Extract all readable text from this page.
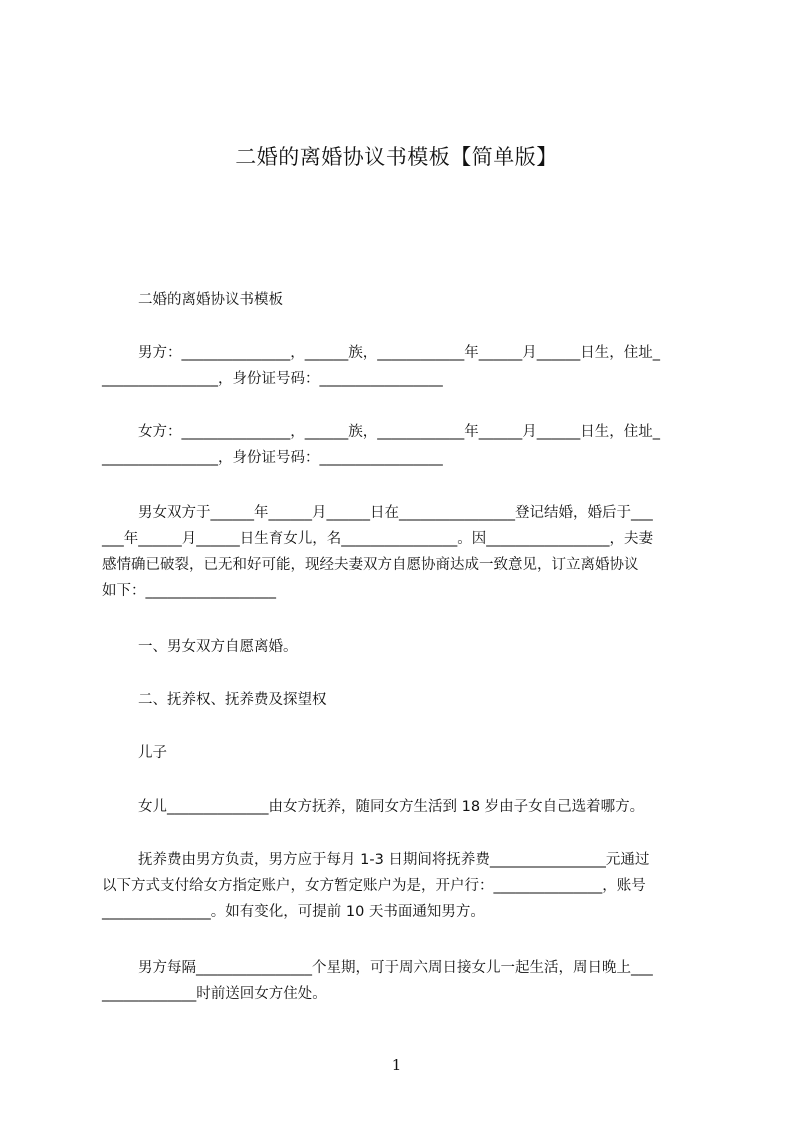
二婚的离婚协议书模板【简单版】
二婚的离婚协议书模板
男方：_______________，______族，____________年______月______日生，住址_
________________，身份证号码：_________________
女方：_______________，______族，____________年______月______日生，住址_
________________，身份证号码：_________________
男女双方于______年______月______日在________________登记结婚，婚后于___
___年______月______日生育女儿，名________________。因_________________，夫妻
感情确已破裂，已无和好可能，现经夫妻双方自愿协商达成一致意见，订立离婚协议
如下：__________________
一、男女双方自愿离婚。
二、抚养权、抚养费及探望权
儿子
女儿______________由女方抚养，随同女方生活到 18 岁由子女自己选着哪方。
抚养费由男方负责，男方应于每月 1-3 日期间将抚养费________________元通过
以下方式支付给女方指定账户，女方暂定账户为是，开户行：_______________，账号
_______________。如有变化，可提前 10 天书面通知男方。
男方每隔________________个星期，可于周六周日接女儿一起生活，周日晚上___
_____________时前送回女方住处。
1
